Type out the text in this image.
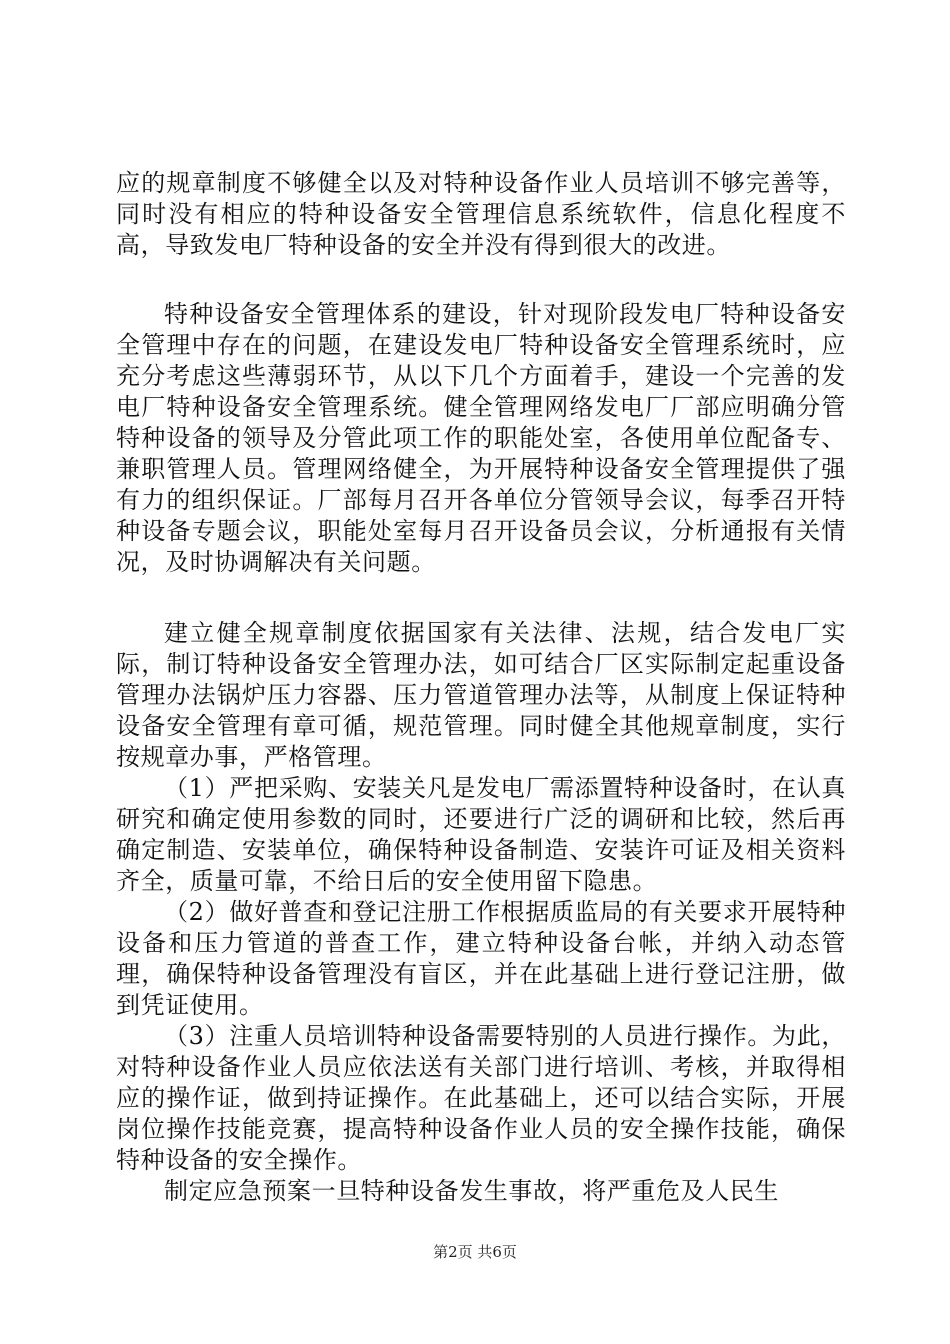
应的规章制度不够健全以及对特种设备作业人员培训不够完善等，同时没有相应的特种设备安全管理信息系统软件，信息化程度不高，导致发电厂特种设备的安全并没有得到很大的改进。

特种设备安全管理体系的建设，针对现阶段发电厂特种设备安全管理中存在的问题，在建设发电厂特种设备安全管理系统时，应充分考虑这些薄弱环节，从以下几个方面着手，建设一个完善的发电厂特种设备安全管理系统。健全管理网络发电厂厂部应明确分管特种设备的领导及分管此项工作的职能处室，各使用单位配备专、兼职管理人员。管理网络健全，为开展特种设备安全管理提供了强有力的组织保证。厂部每月召开各单位分管领导会议，每季召开特种设备专题会议，职能处室每月召开设备员会议，分析通报有关情况，及时协调解决有关问题。

建立健全规章制度依据国家有关法律、法规，结合发电厂实际，制订特种设备安全管理办法，如可结合厂区实际制定起重设备管理办法锅炉压力容器、压力管道管理办法等，从制度上保证特种设备安全管理有章可循，规范管理。同时健全其他规章制度，实行按规章办事，严格管理。

（1）严把采购、安装关凡是发电厂需添置特种设备时，在认真研究和确定使用参数的同时，还要进行广泛的调研和比较，然后再确定制造、安装单位，确保特种设备制造、安装许可证及相关资料齐全，质量可靠，不给日后的安全使用留下隐患。

（2）做好普查和登记注册工作根据质监局的有关要求开展特种设备和压力管道的普查工作，建立特种设备台帐，并纳入动态管理，确保特种设备管理没有盲区，并在此基础上进行登记注册，做到凭证使用。

（3）注重人员培训特种设备需要特别的人员进行操作。为此，对特种设备作业人员应依法送有关部门进行培训、考核，并取得相应的操作证，做到持证操作。在此基础上，还可以结合实际，开展岗位操作技能竞赛，提高特种设备作业人员的安全操作技能，确保特种设备的安全操作。

制定应急预案一旦特种设备发生事故，将严重危及人民生

第2页 共6页
